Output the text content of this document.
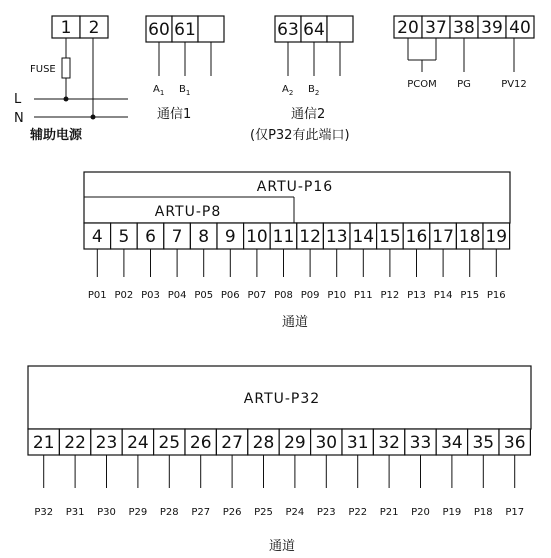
1 2
FUSE
L
N
辅助电源
60 61
$A_1$ $B_1$
通信1
63 64
$A_2$ $B_2$
通信2
(仅P32有此端口)
20 37 38 39 40
PCOM PG	PV12
ARTU-P16
ARTU-P8
4 5 6 7 8 9 10 11 12 13 14 15 16 17 18 19
P01 P02 P03 P04 P05 P06 P07 P08 P09 P10 P11 P12 P13 P14 P15 P16
通道
ARTU-P32
21 22 23 24 25 26 27 28 29 30 31 32 33 34 35 36
P32 P31 P30 P29 P28 P27 P26 P25 P24 P23 P22 P21 P20 P19 P18 P17
通道
